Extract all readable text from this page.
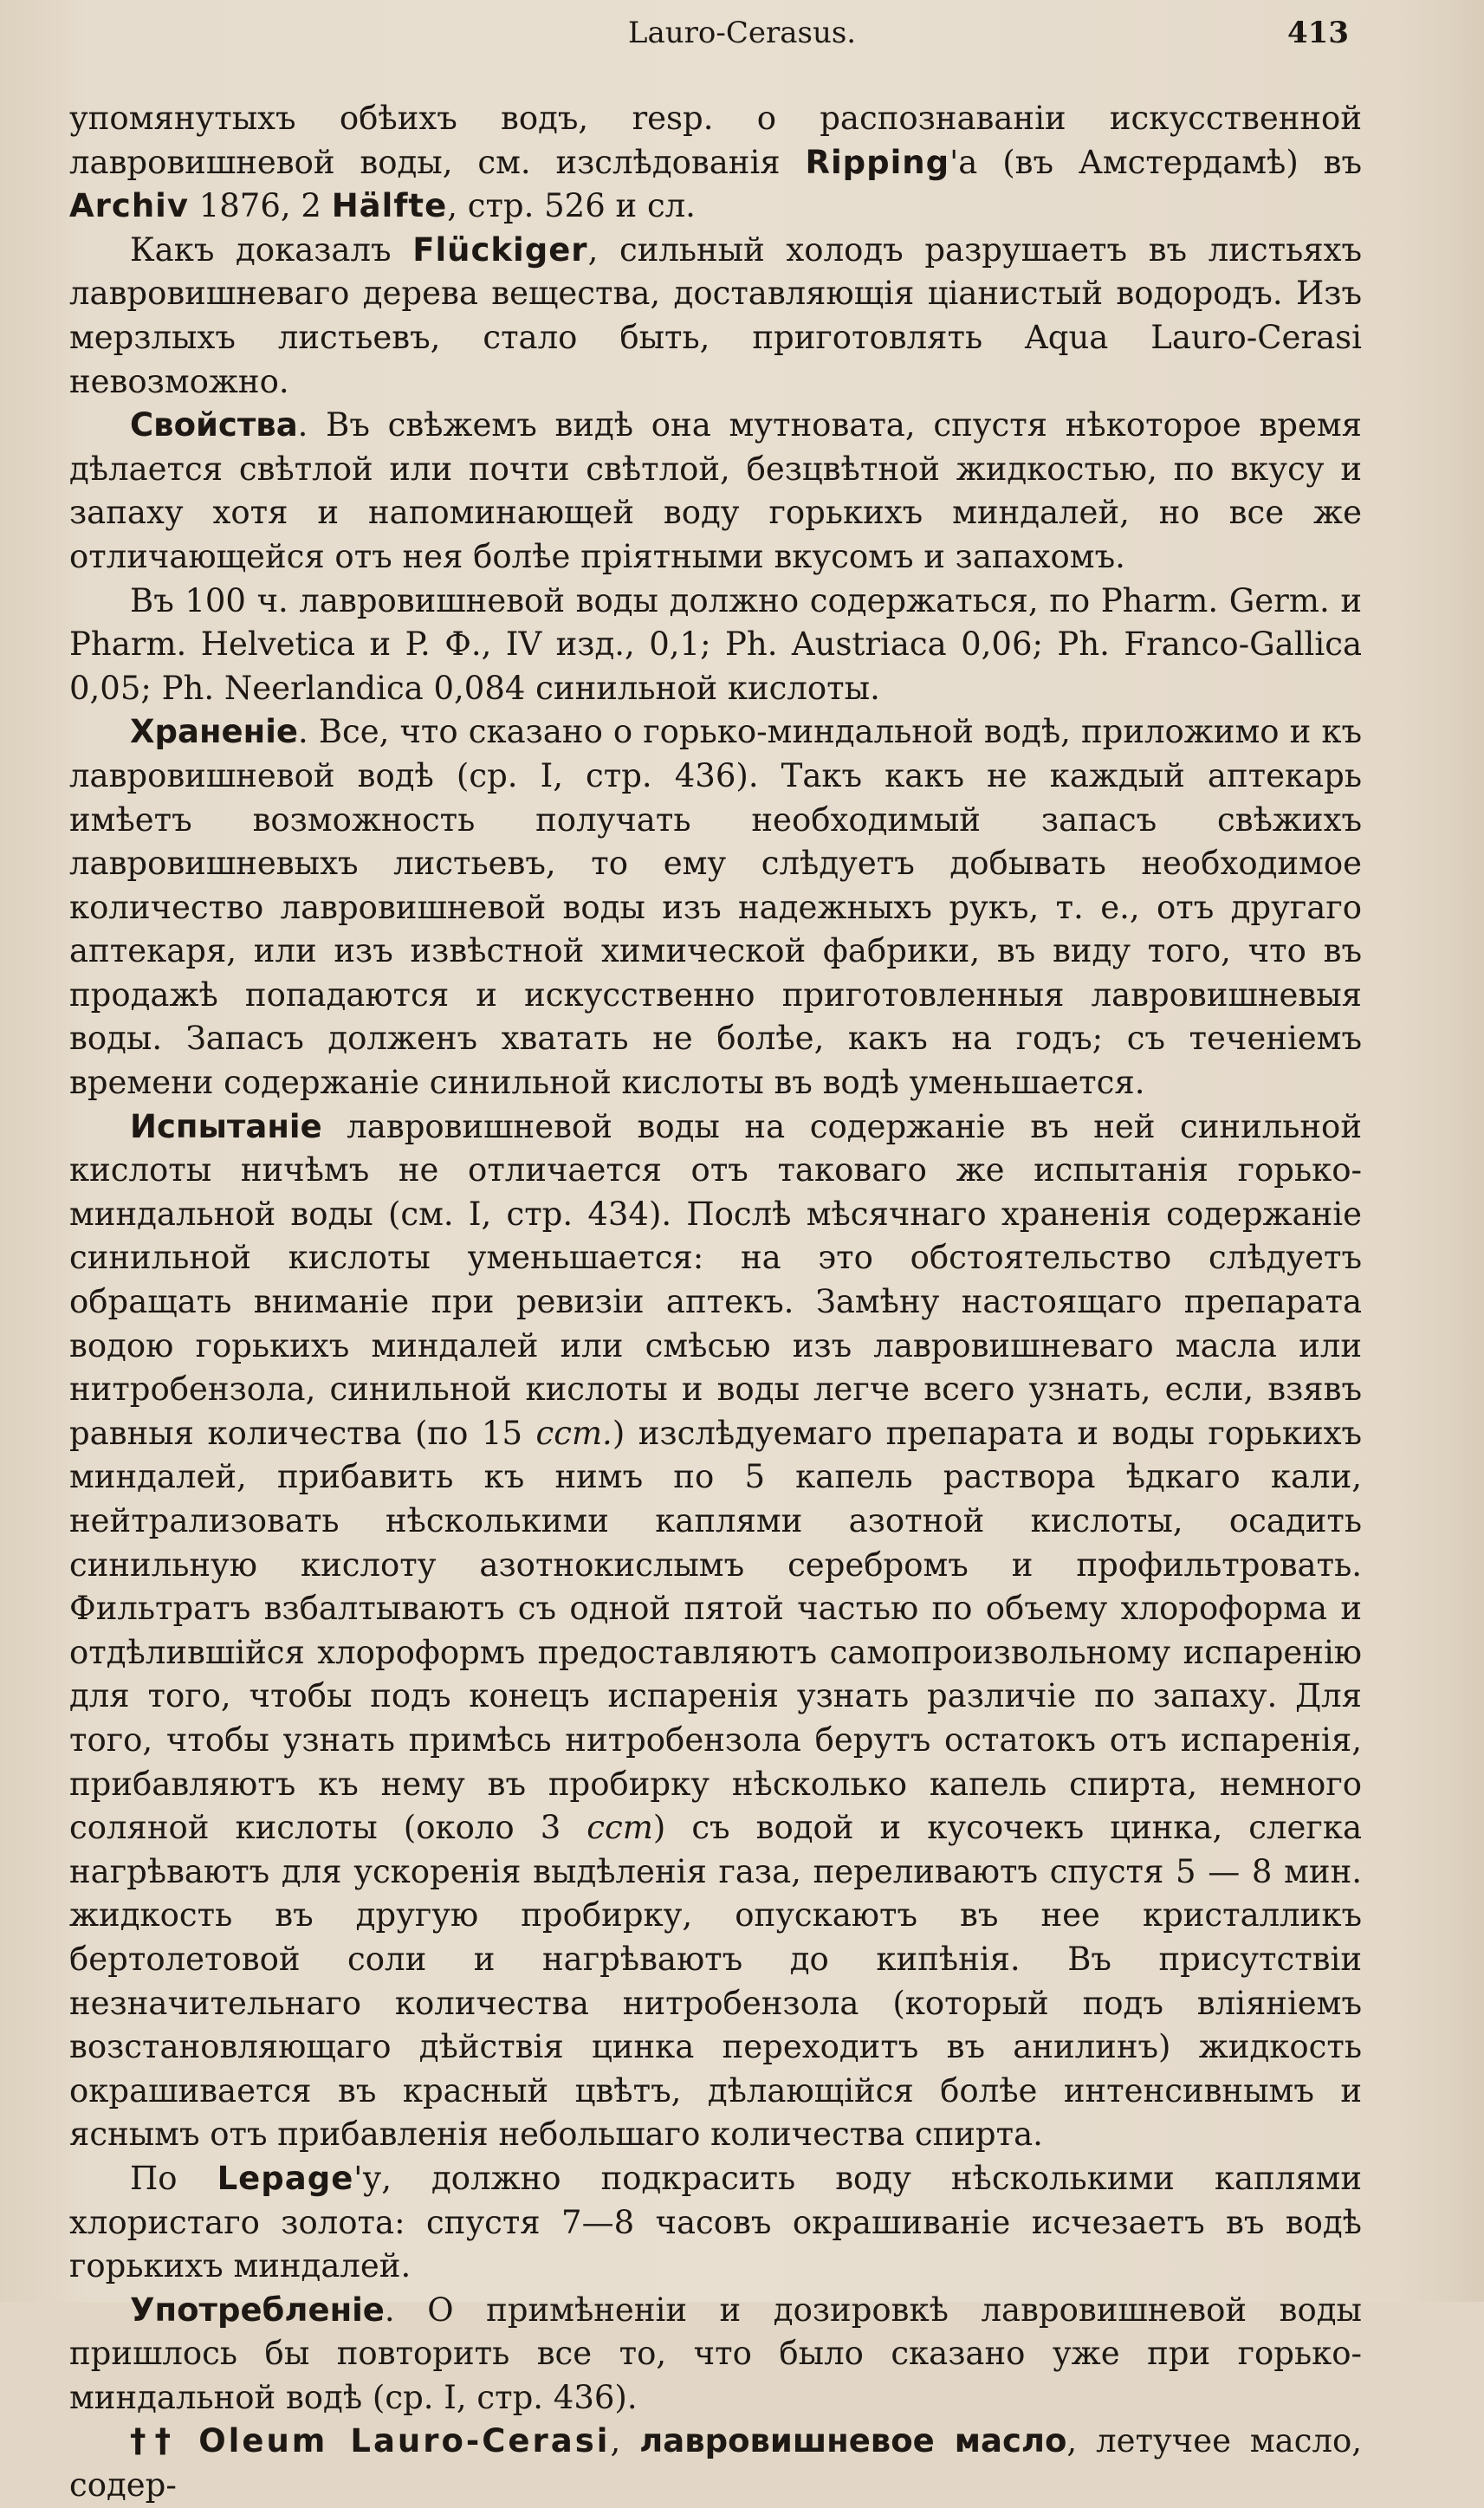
Lauro-Cerasus.	413

упомянутыхъ обѣихъ водъ, resp. о распознаваніи искусственной лавровишневой воды, см. изслѣдованія Ripping'а (въ Амстердамѣ) въ Archiv 1876, 2 Hälfte, стр. 526 и сл.

Какъ доказалъ Flückiger, сильный холодъ разрушаетъ въ листьяхъ лавровишневаго дерева вещества, доставляющія ціанистый водородъ. Изъ мерзлыхъ листьевъ, стало быть, приготовлять Aqua Lauro-Cerasi невозможно.

Свойства. Въ свѣжемъ видѣ она мутновата, спустя нѣкоторое время дѣлается свѣтлой или почти свѣтлой, безцвѣтной жидкостью, по вкусу и запаху хотя и напоминающей воду горькихъ миндалей, но все же отличающейся отъ нея болѣе пріятными вкусомъ и запахомъ.

Въ 100 ч. лавровишневой воды должно содержаться, по Pharm. Germ. и Pharm. Helvetica и P. Ф., IV изд., 0,1; Ph. Austriaca 0,06; Ph. Franco-Gallica 0,05; Ph. Neerlandica 0,084 синильной кислоты.

Храненіе. Все, что сказано о горько-миндальной водѣ, приложимо и къ лавровишневой водѣ (ср. I, стр. 436). Такъ какъ не каждый аптекарь имѣетъ возможность получать необходимый запасъ свѣжихъ лавровишневыхъ листьевъ, то ему слѣдуетъ добывать необходимое количество лавровишневой воды изъ надежныхъ рукъ, т. е., отъ другаго аптекаря, или изъ извѣстной химической фабрики, въ виду того, что въ продажѣ попадаются и искусственно приготовленныя лавровишневыя воды. Запасъ долженъ хватать не болѣе, какъ на годъ; съ теченіемъ времени содержаніе синильной кислоты въ водѣ уменьшается.

Испытаніе лавровишневой воды на содержаніе въ ней синильной кислоты ничѣмъ не отличается отъ таковаго же испытанія горько-миндальной воды (см. I, стр. 434). Послѣ мѣсячнаго храненія содержаніе синильной кислоты уменьшается: на это обстоятельство слѣдуетъ обращать вниманіе при ревизіи аптекъ. Замѣну настоящаго препарата водою горькихъ миндалей или смѣсью изъ лавровишневаго масла или нитробензола, синильной кислоты и воды легче всего узнать, если, взявъ равныя количества (по 15 ccm.) изслѣдуемаго препарата и воды горькихъ миндалей, прибавить къ нимъ по 5 капель раствора ѣдкаго кали, нейтрализовать нѣсколькими каплями азотной кислоты, осадить синильную кислоту азотнокислымъ серебромъ и профильтровать. Фильтратъ взбалтываютъ съ одной пятой частью по объему хлороформа и отдѣлившійся хлороформъ предоставляютъ самопроизвольному испаренію для того, чтобы подъ конецъ испаренія узнать различіе по запаху. Для того, чтобы узнать примѣсь нитробензола берутъ остатокъ отъ испаренія, прибавляютъ къ нему въ пробирку нѣсколько капель спирта, немного соляной кислоты (около 3 ccm) съ водой и кусочекъ цинка, слегка нагрѣваютъ для ускоренія выдѣленія газа, переливаютъ спустя 5 — 8 мин. жидкость въ другую пробирку, опускаютъ въ нее кристалликъ бертолетовой соли и нагрѣваютъ до кипѣнія. Въ присутствіи незначительнаго количества нитробензола (который подъ вліяніемъ возстановляющаго дѣйствія цинка переходитъ въ анилинъ) жидкость окрашивается въ красный цвѣтъ, дѣлающійся болѣе интенсивнымъ и яснымъ отъ прибавленія небольшаго количества спирта.

По Lepage'у, должно подкрасить воду нѣсколькими каплями хлористаго золота: спустя 7—8 часовъ окрашиваніе исчезаетъ въ водѣ горькихъ миндалей.

Употребленіе. О примѣненіи и дозировкѣ лавровишневой воды пришлось бы повторить все то, что было сказано уже при горько-миндальной водѣ (ср. I, стр. 436).

†† Oleum Lauro-Cerasi, лавровишневое масло, летучее масло, содер-
